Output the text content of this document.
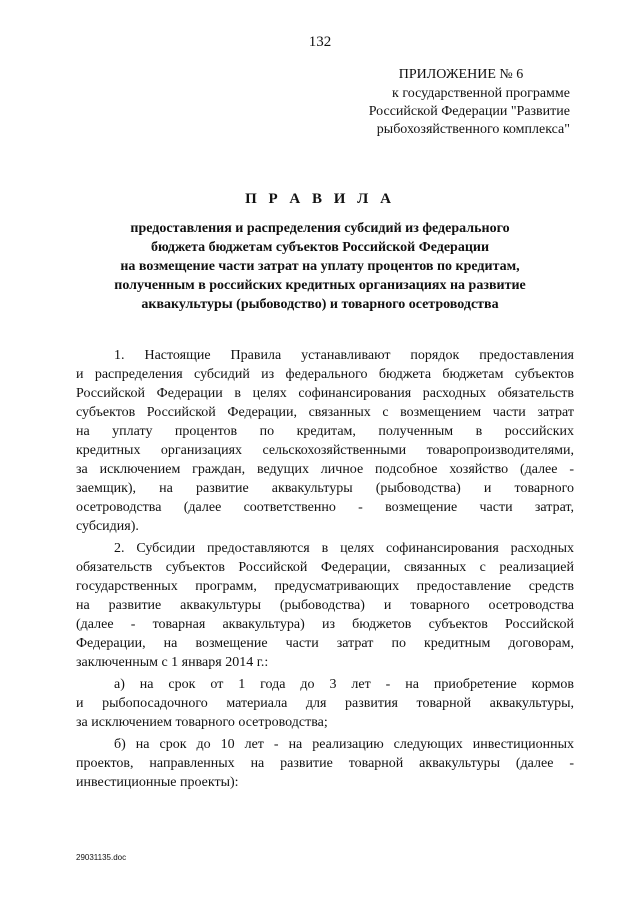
132
ПРИЛОЖЕНИЕ № 6
к государственной программе
Российской Федерации "Развитие
рыбохозяйственного комплекса"
П Р А В И Л А
предоставления и распределения субсидий из федерального
бюджета бюджетам субъектов Российской Федерации
на возмещение части затрат на уплату процентов по кредитам,
полученным в российских кредитных организациях на развитие
аквакультуры (рыбоводство) и товарного осетроводства
1. Настоящие Правила устанавливают порядок предоставления
и распределения субсидий из федерального бюджета бюджетам субъектов
Российской Федерации в целях софинансирования расходных обязательств
субъектов Российской Федерации, связанных с возмещением части затрат
на уплату процентов по кредитам, полученным в российских
кредитных организациях сельскохозяйственными товаропроизводителями,
за исключением граждан, ведущих личное подсобное хозяйство (далее -
заемщик), на развитие аквакультуры (рыбоводства) и товарного
осетроводства (далее соответственно - возмещение части затрат,
субсидия).
2. Субсидии предоставляются в целях софинансирования расходных
обязательств субъектов Российской Федерации, связанных с реализацией
государственных программ, предусматривающих предоставление средств
на развитие аквакультуры (рыбоводства) и товарного осетроводства
(далее - товарная аквакультура) из бюджетов субъектов Российской
Федерации, на возмещение части затрат по кредитным договорам,
заключенным с 1 января 2014 г.:
а) на срок от 1 года до 3 лет - на приобретение кормов
и рыбопосадочного материала для развития товарной аквакультуры,
за исключением товарного осетроводства;
б) на срок до 10 лет - на реализацию следующих инвестиционных
проектов, направленных на развитие товарной аквакультуры (далее -
инвестиционные проекты):
29031135.doc
